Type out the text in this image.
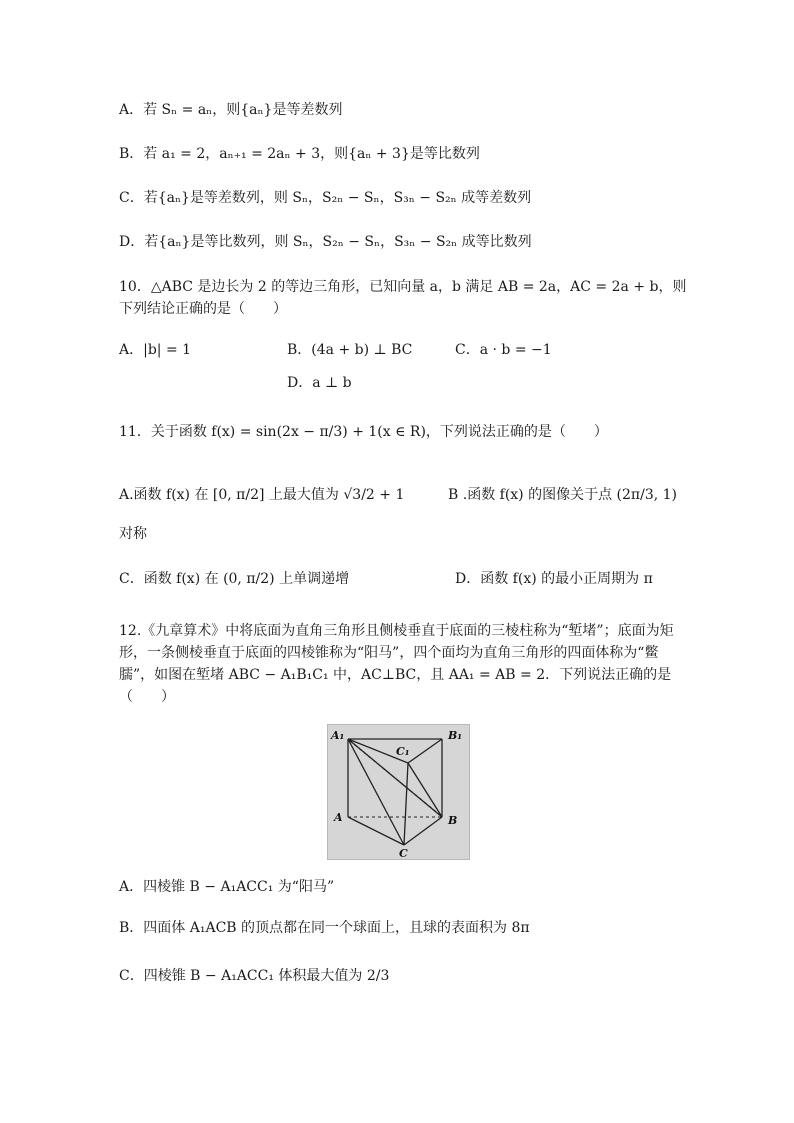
A．若 Sₙ = aₙ，则{aₙ}是等差数列
B．若 a₁ = 2，aₙ₊₁ = 2aₙ + 3，则{aₙ + 3}是等比数列
C．若{aₙ}是等差数列，则 Sₙ，S₂ₙ − Sₙ，S₃ₙ − S₂ₙ 成等差数列
D．若{aₙ}是等比数列，则 Sₙ，S₂ₙ − Sₙ，S₃ₙ − S₂ₙ 成等比数列
10．△ABC 是边长为 2 的等边三角形，已知向量 a，b 满足 AB = 2a，AC = 2a + b，则
下列结论正确的是（　　）
A．|b| = 1	B．(4a + b) ⊥ BC	C．a · b = −1
D．a ⊥ b
11．关于函数 f(x) = sin(2x − π/3) + 1(x ∈ R)，下列说法正确的是（　　）
A.函数 f(x) 在 [0, π/2] 上最大值为 √3/2 + 1	B .函数 f(x) 的图像关于点 (2π/3, 1)
对称
C．函数 f(x) 在 (0, π/2) 上单调递增	D．函数 f(x) 的最小正周期为 π
12.《九章算术》中将底面为直角三角形且侧棱垂直于底面的三棱柱称为“堑堵”；底面为矩
形，一条侧棱垂直于底面的四棱锥称为“阳马”，四个面均为直角三角形的四面体称为“鳖
臑”，如图在堑堵 ABC − A₁B₁C₁ 中，AC⊥BC，且 AA₁ = AB = 2．下列说法正确的是
（　　）
A₁	B₁
C₁
A	B
C
A．四棱锥 B − A₁ACC₁ 为“阳马”
B．四面体 A₁ACB 的顶点都在同一个球面上，且球的表面积为 8π
C．四棱锥 B − A₁ACC₁ 体积最大值为 2/3
